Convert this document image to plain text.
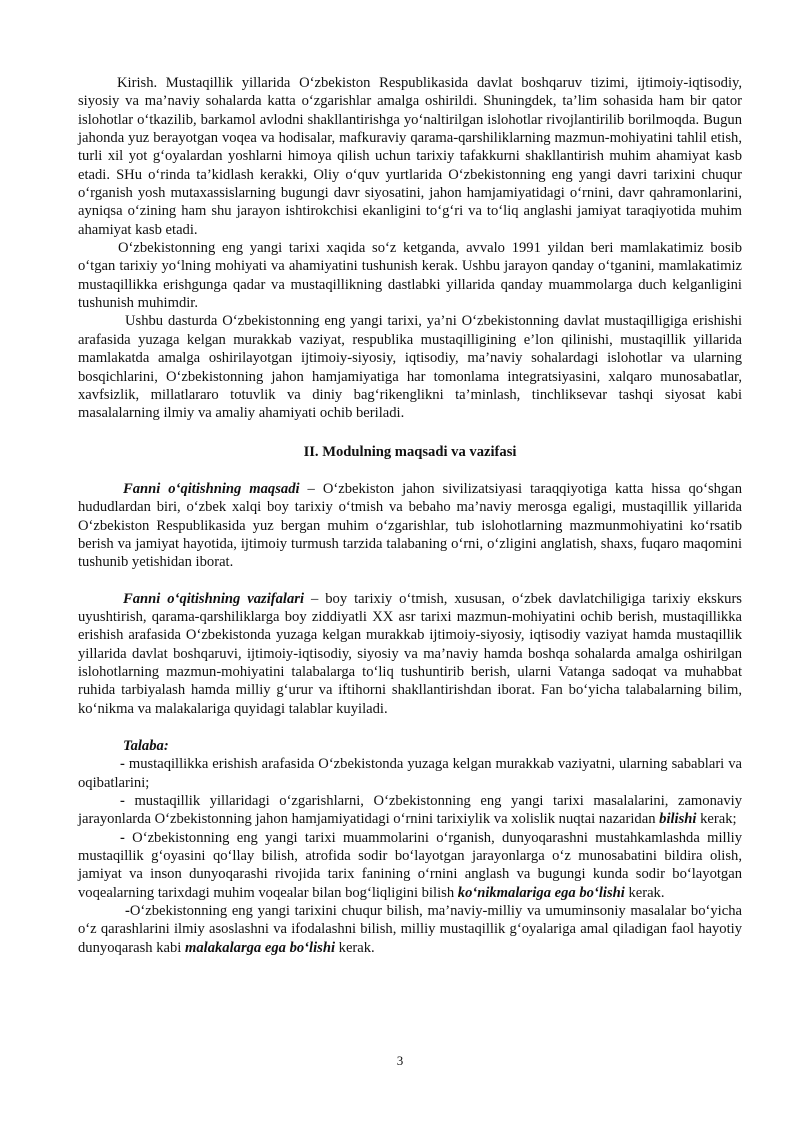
Kirish. Mustaqillik yillarida O‘zbekiston Respublikasida davlat boshqaruv tizimi, ijtimoiy-iqtisodiy, siyosiy va ma’naviy sohalarda katta o‘zgarishlar amalga oshirildi. Shuningdek, ta’lim sohasida ham bir qator islohotlar o‘tkazilib, barkamol avlodni shakllantirishga yo‘naltirilgan islohotlar rivojlantirilib borilmoqda. Bugun jahonda yuz berayotgan voqea va hodisalar, mafkuraviy qarama-qarshiliklarning mazmun-mohiyatini tahlil etish, turli xil yot g‘oyalardan yoshlarni himoya qilish uchun tarixiy tafakkurni shakllantirish muhim ahamiyat kasb etadi. SHu o‘rinda ta’kidlash kerakki, Oliy o‘quv yurtlarida O‘zbekistonning eng yangi davri tarixini chuqur o‘rganish yosh mutaxassislarning bugungi davr siyosatini, jahon hamjamiyatidagi o‘rnini, davr qahramonlarini, ayniqsa o‘zining ham shu jarayon ishtirokchisi ekanligini to‘g‘ri va to‘liq anglashi jamiyat taraqiyotida muhim ahamiyat kasb etadi.

O‘zbekistonning eng yangi tarixi xaqida so‘z ketganda, avvalo 1991 yildan beri mamlakatimiz bosib o‘tgan tarixiy yo‘lning mohiyati va ahamiyatini tushunish kerak. Ushbu jarayon qanday o‘tganini, mamlakatimiz mustaqillikka erishgunga qadar va mustaqillikning dastlabki yillarida qanday muammolarga duch kelganligini tushunish muhimdir.

Ushbu dasturda O‘zbekistonning eng yangi tarixi, ya’ni O‘zbekistonning davlat mustaqilligiga erishishi arafasida yuzaga kelgan murakkab vaziyat, respublika mustaqilligining e’lon qilinishi, mustaqillik yillarida mamlakatda amalga oshirilayotgan ijtimoiy-siyosiy, iqtisodiy, ma’naviy sohalardagi islohotlar va ularning bosqichlarini, O‘zbekistonning jahon hamjamiyatiga har tomonlama integratsiyasini, xalqaro munosabatlar, xavfsizlik, millatlararo totuvlik va diniy bag‘rikenglikni ta’minlash, tinchliksevar tashqi siyosat kabi masalalarning ilmiy va amaliy ahamiyati ochib beriladi.

II. Modulning maqsadi va vazifasi

Fanni o‘qitishning maqsadi – O‘zbekiston jahon sivilizatsiyasi taraqqiyotiga katta hissa qo‘shgan hududlardan biri, o‘zbek xalqi boy tarixiy o‘tmish va bebaho ma’naviy merosga egaligi, mustaqillik yillarida O‘zbekiston Respublikasida yuz bergan muhim o‘zgarishlar, tub islohotlarning mazmunmohiyatini ko‘rsatib berish va jamiyat hayotida, ijtimoiy turmush tarzida talabaning o‘rni, o‘zligini anglatish, shaxs, fuqaro maqomini tushunib yetishidan iborat.

Fanni o‘qitishning vazifalari – boy tarixiy o‘tmish, xususan, o‘zbek davlatchiligiga tarixiy ekskurs uyushtirish, qarama-qarshiliklarga boy ziddiyatli XX asr tarixi mazmun-mohiyatini ochib berish, mustaqillikka erishish arafasida O‘zbekistonda yuzaga kelgan murakkab ijtimoiy-siyosiy, iqtisodiy vaziyat hamda mustaqillik yillarida davlat boshqaruvi, ijtimoiy-iqtisodiy, siyosiy va ma’naviy hamda boshqa sohalarda amalga oshirilgan islohotlarning mazmun-mohiyatini talabalarga to‘liq tushuntirib berish, ularni Vatanga sadoqat va muhabbat ruhida tarbiyalash hamda milliy g‘urur va iftihorni shakllantirishdan iborat. Fan bo‘yicha talabalarning bilim, ko‘nikma va malakalariga quyidagi talablar kuyiladi.

Talaba:

- mustaqillikka erishish arafasida O‘zbekistonda yuzaga kelgan murakkab vaziyatni, ularning sabablari va oqibatlarini;

- mustaqillik yillaridagi o‘zgarishlarni, O‘zbekistonning eng yangi tarixi masalalarini, zamonaviy jarayonlarda O‘zbekistonning jahon hamjamiyatidagi o‘rnini tarixiylik va xolislik nuqtai nazaridan bilishi kerak;

- O‘zbekistonning eng yangi tarixi muammolarini o‘rganish, dunyoqarashni mustahkamlashda milliy mustaqillik g‘oyasini qo‘llay bilish, atrofida sodir bo‘layotgan jarayonlarga o‘z munosabatini bildira olish, jamiyat va inson dunyoqarashi rivojida tarix fanining o‘rnini anglash va bugungi kunda sodir bo‘layotgan voqealarning tarixdagi muhim voqealar bilan bog‘liqligini bilish ko‘nikmalariga ega bo‘lishi kerak.

-O‘zbekistonning eng yangi tarixini chuqur bilish, ma’naviy-milliy va umuminsoniy masalalar bo‘yicha o‘z qarashlarini ilmiy asoslashni va ifodalashni bilish, milliy mustaqillik g‘oyalariga amal qiladigan faol hayotiy dunyoqarash kabi malakalarga ega bo‘lishi kerak.

3
